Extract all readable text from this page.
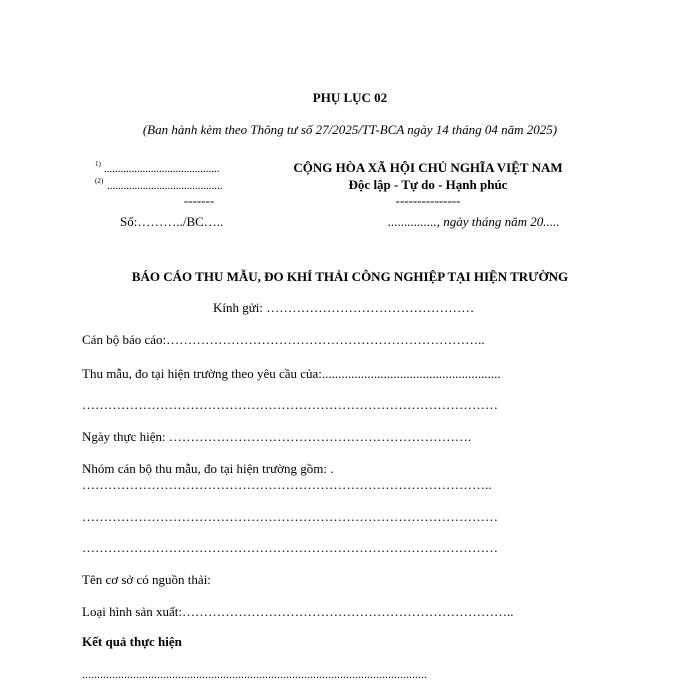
PHỤ LỤC 02
(Ban hành kèm theo Thông tư số 27/2025/TT-BCA ngày 14 tháng 04 năm 2025)
1) ..........................................
(2) ..........................................
-------
Số:………../BC…..
CỘNG HÒA XÃ HỘI CHỦ NGHĨA VIỆT NAM
Độc lập - Tự do - Hạnh phúc
---------------
..............., ngày tháng năm 20.....
BÁO CÁO THU MẪU, ĐO KHÍ THẢI CÔNG NGHIỆP TẠI HIỆN TRƯỜNG
Kính gửi: …………………………………………
Cán bộ báo cáo:………………………………………………………………..
Thu mẫu, đo tại hiện trường theo yêu cầu của:.......................................................
……………………………………………………………………………………
Ngày thực hiện: …………………………………………………………….
Nhóm cán bộ thu mẫu, đo tại hiện trường gồm: .
…………………………………………………………………………………..
……………………………………………………………………………………
……………………………………………………………………………………
Tên cơ sở có nguồn thải:
Loại hình sản xuất:…………………………………………………………………..
Kết quả thực hiện
...................................................................................................................
